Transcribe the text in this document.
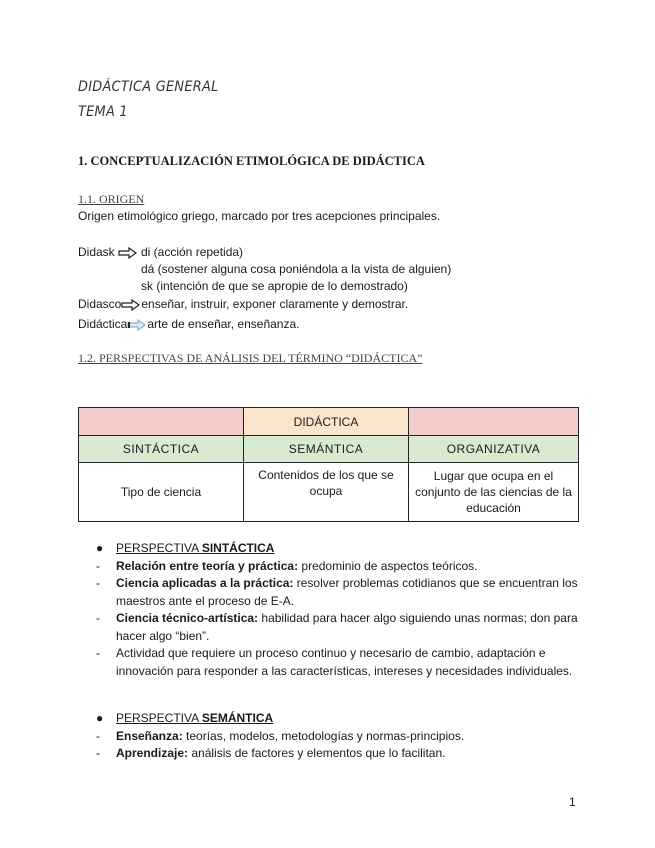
DIDÁCTICA GENERAL
TEMA 1
1. CONCEPTUALIZACIÓN ETIMOLÓGICA DE DIDÁCTICA
1.1. ORIGEN
Origen etimológico griego, marcado por tres acepciones principales.
Didask	di (acción repetida)
dá (sostener alguna cosa poniéndola a la vista de alguien)
sk (intención de que se apropie de lo demostrado)
Didasco enseñar, instruir, exponer claramente y demostrar.
Didáctica arte de enseñar, enseñanza.
1.2. PERSPECTIVAS DE ANÁLISIS DEL TÉRMINO “DIDÁCTICA”
	DIDÁCTICA	
SINTÁCTICA	SEMÁNTICA	ORGANIZATIVA
Tipo de ciencia	Contenidos de los que se ocupa	Lugar que ocupa en el conjunto de las ciencias de la educación
● PERSPECTIVA SINTÁCTICA
- Relación entre teoría y práctica: predominio de aspectos teóricos.
- Ciencia aplicadas a la práctica: resolver problemas cotidianos que se encuentran los maestros ante el proceso de E-A.
- Ciencia técnico-artística: habilidad para hacer algo siguiendo unas normas; don para hacer algo “bien”.
- Actividad que requiere un proceso continuo y necesario de cambio, adaptación e innovación para responder a las características, intereses y necesidades individuales.
● PERSPECTIVA SEMÁNTICA
- Enseñanza: teorías, modelos, metodologías y normas-principios.
- Aprendizaje: análisis de factores y elementos que lo facilitan.
1
